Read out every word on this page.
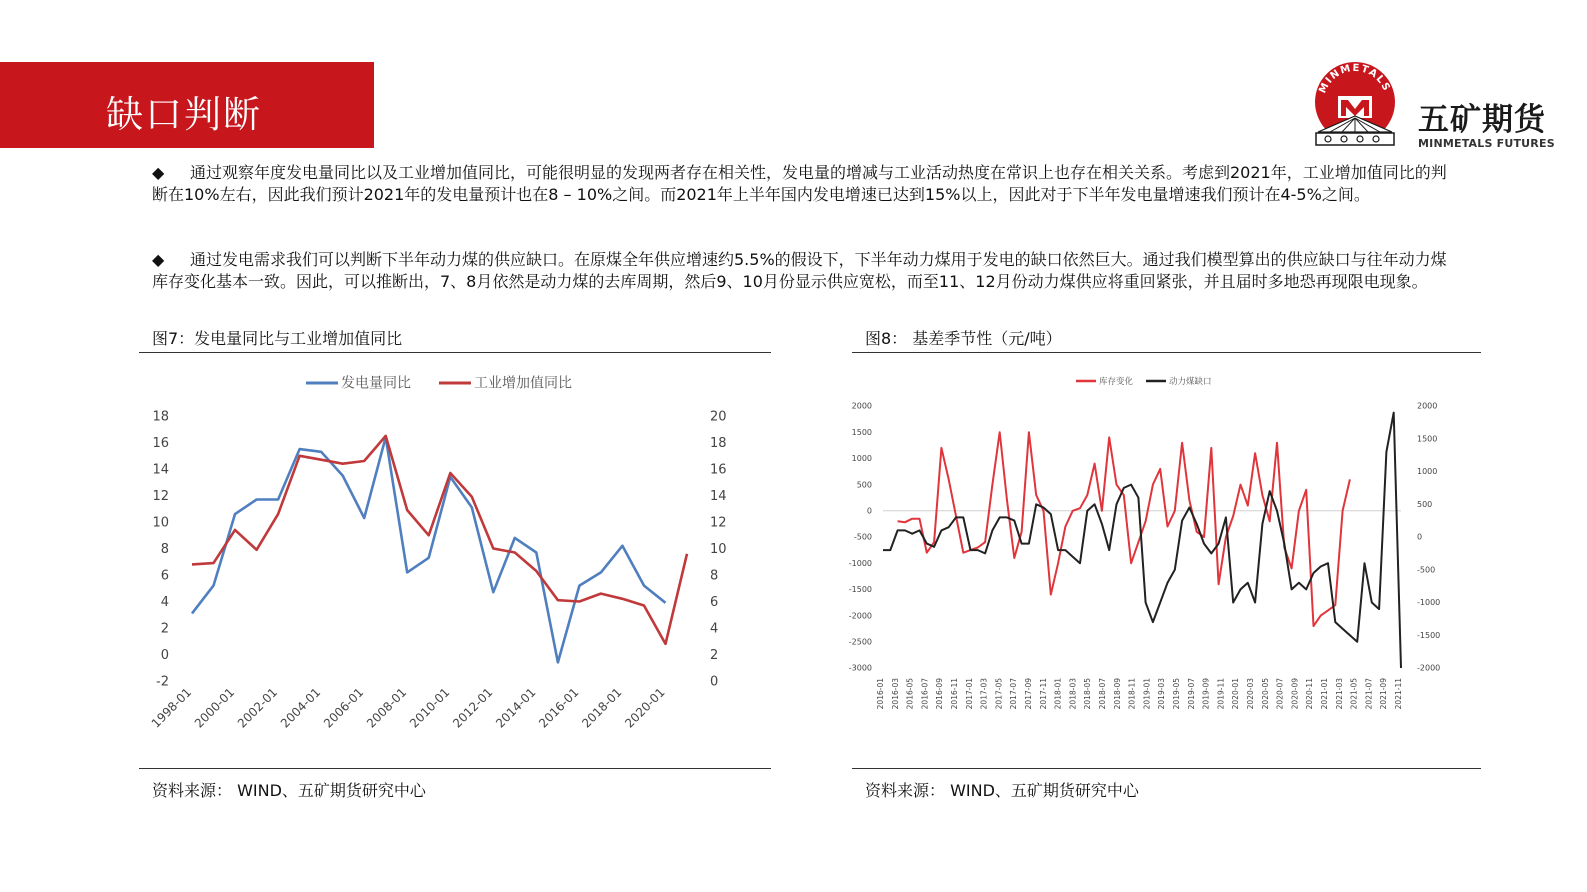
缺口判断
MINMETALS
五矿期货
MINMETALS FUTURES
◆ 通过观察年度发电量同比以及工业增加值同比，可能很明显的发现两者存在相关性，发电量的增减与工业活动热度在常识上也存在相关关系。考虑到2021年，工业增加值同比的判断在10%左右，因此我们预计2021年的发电量预计也在8 – 10%之间。而2021年上半年国内发电增速已达到15%以上，因此对于下半年发电量增速我们预计在4-5%之间。
◆ 通过发电需求我们可以判断下半年动力煤的供应缺口。在原煤全年供应增速约5.5%的假设下，下半年动力煤用于发电的缺口依然巨大。通过我们模型算出的供应缺口与往年动力煤库存变化基本一致。因此，可以推断出，7、8月依然是动力煤的去库周期，然后9、10月份显示供应宽松，而至11、12月份动力煤供应将重回紧张，并且届时多地恐再现限电现象。
图7：发电量同比与工业增加值同比	图8： 基差季节性（元/吨）
资料来源： WIND、五矿期货研究中心	资料来源： WIND、五矿期货研究中心
-2
0
2
4
6
8
10
12
14
16
18
0
2
4
6
8
10
12
14
16
18
20
1998-01
2000-01
2002-01
2004-01
2006-01
2008-01
2010-01
2012-01
2014-01
2016-01
2018-01
2020-01
发电量同比	工业增加值同比
-3000
-2500
-2000
-1500
-1000
-500
0
500
1000
1500
2000
-2000
-1500
-1000
-500
0
500
1000
1500
2000
2016-01 2016-03 2016-05 2016-07 2016-09 2016-11 2017-01 2017-03 2017-05 2017-07 2017-09 2017-11 2018-01 2018-03 2018-05 2018-07 2018-09 2018-11 2019-01 2019-03 2019-05 2019-07 2019-09 2019-11 2020-01 2020-03 2020-05 2020-07 2020-09 2020-11 2021-01 2021-03 2021-05 2021-07 2021-09 2021-11
库存变化	动力煤缺口
